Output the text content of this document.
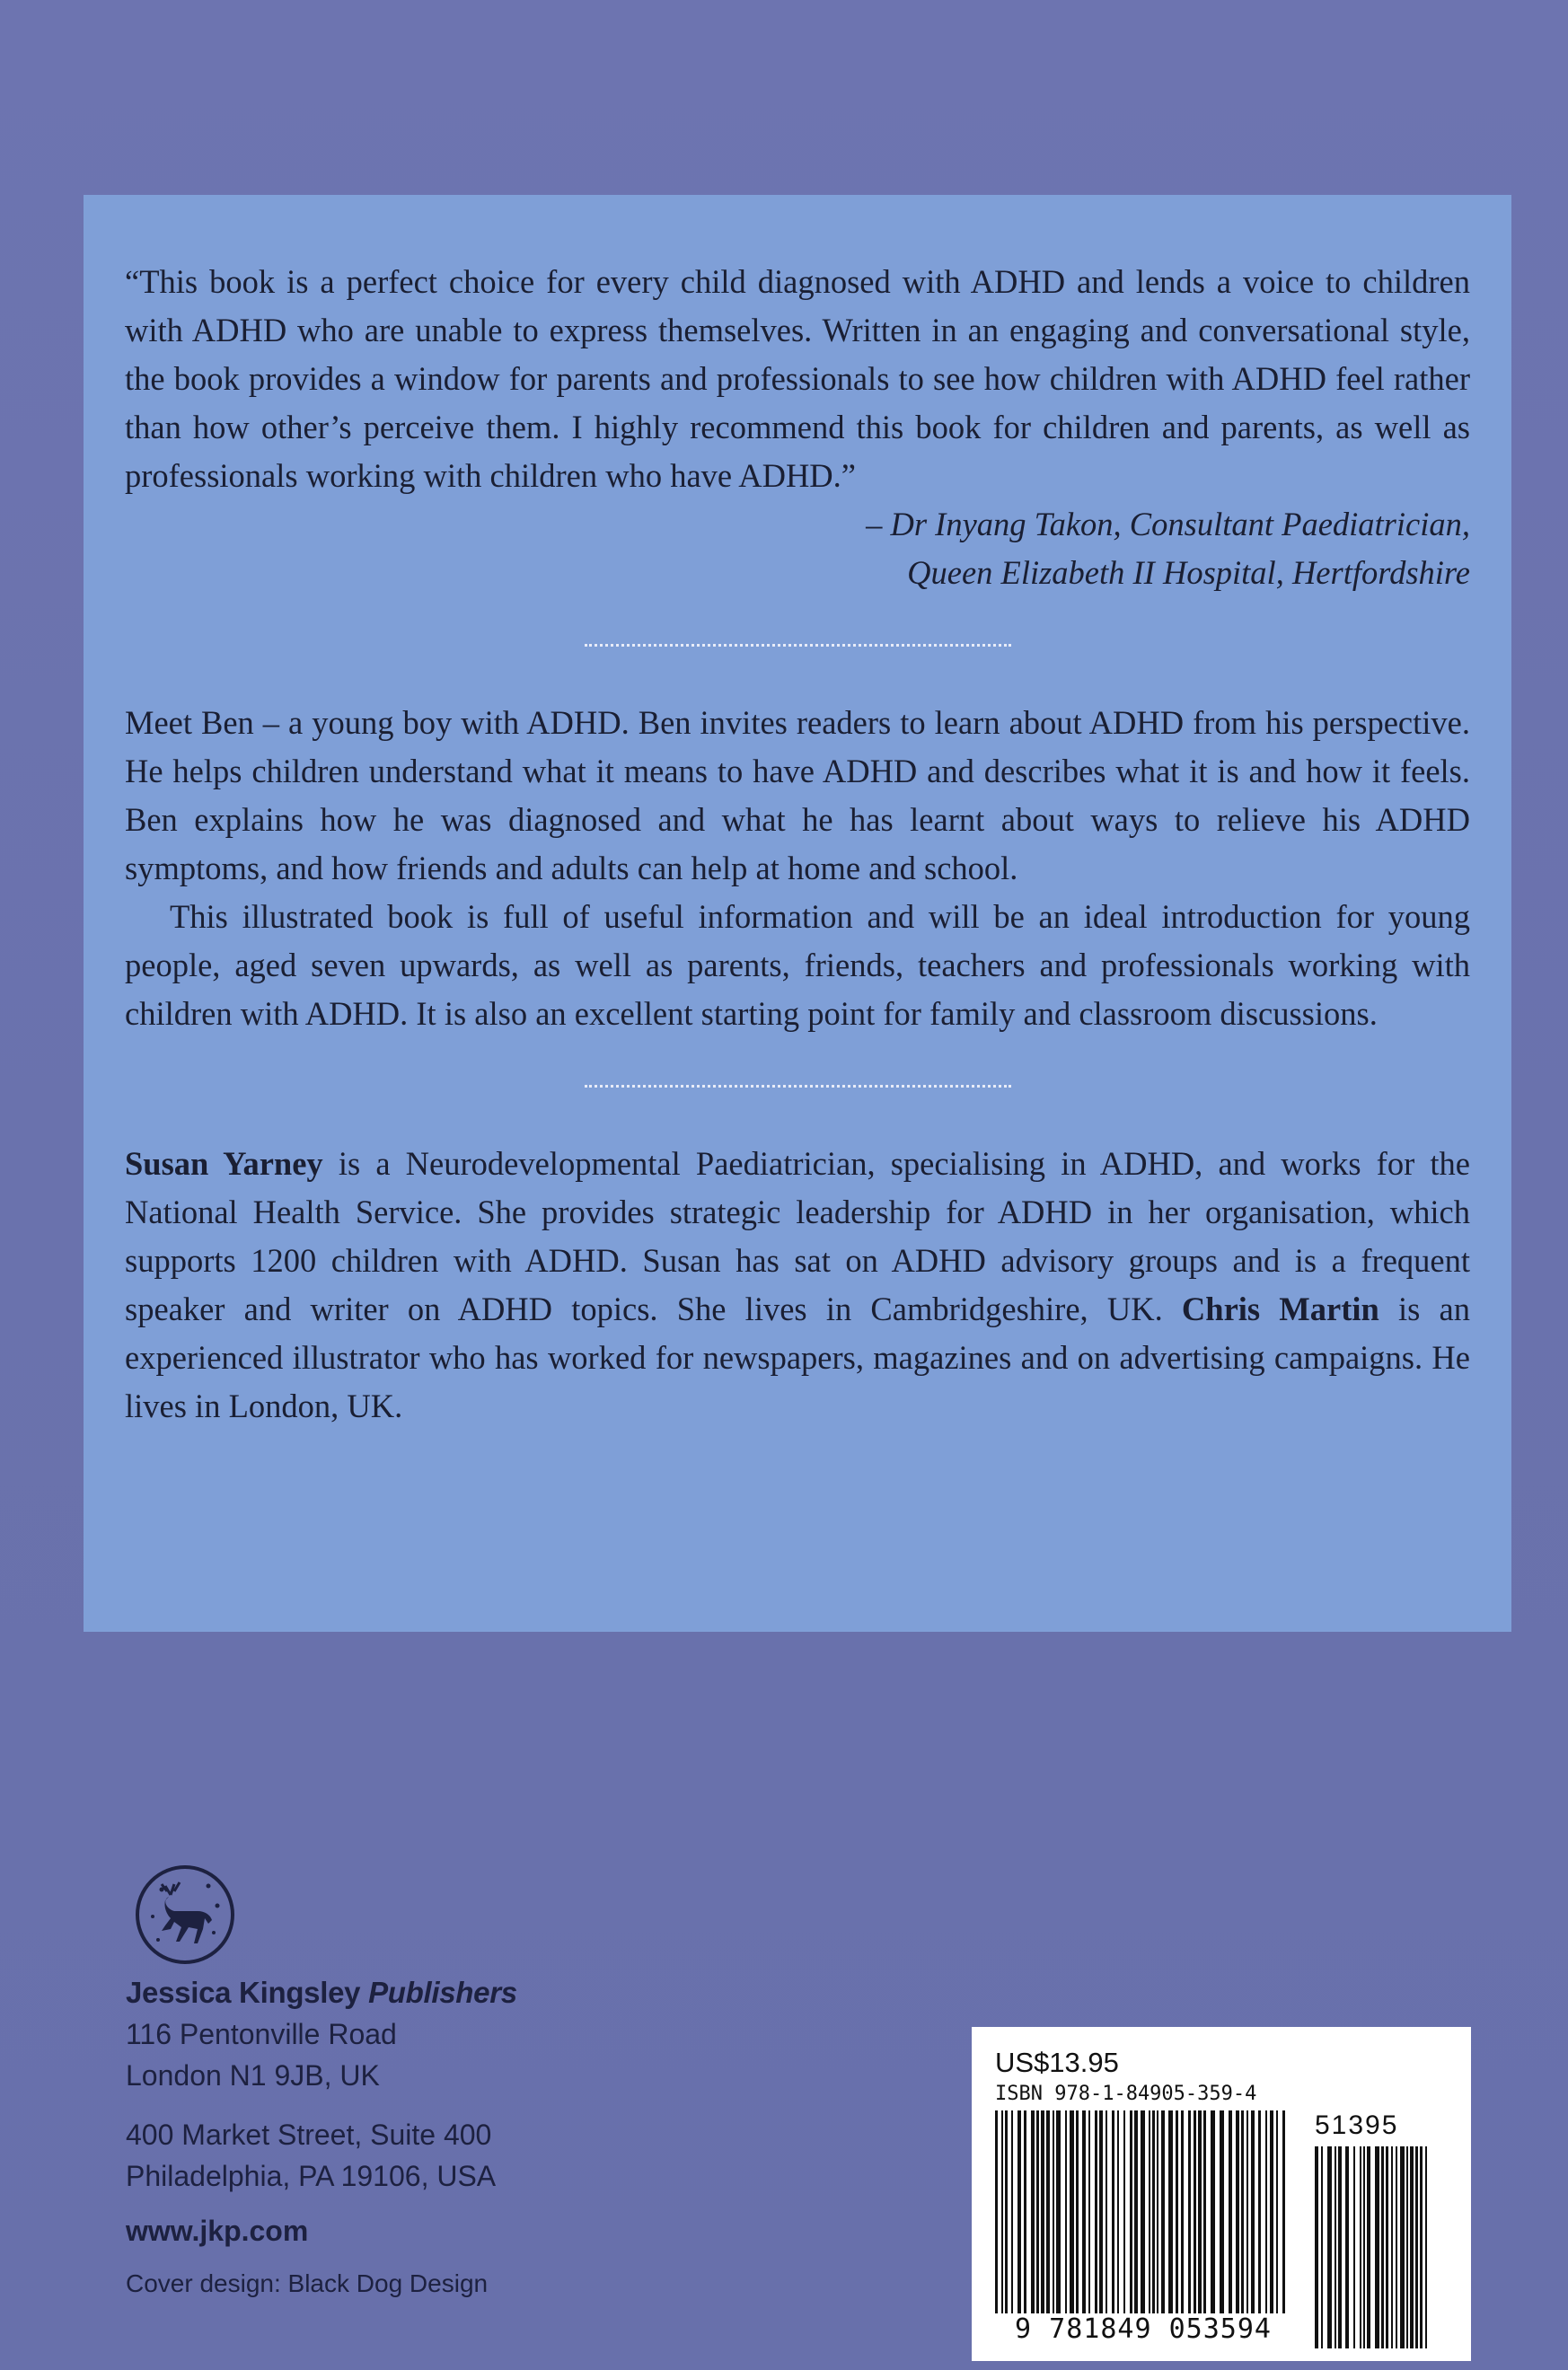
“This book is a perfect choice for every child diagnosed with ADHD and lends a voice to children with ADHD who are unable to express themselves. Written in an engaging and conversational style, the book provides a window for parents and professionals to see how children with ADHD feel rather than how other’s perceive them. I highly recommend this book for children and parents, as well as professionals working with children who have ADHD.”

– Dr Inyang Takon, Consultant Paediatrician,

Queen Elizabeth II Hospital, Hertfordshire

Meet Ben – a young boy with ADHD. Ben invites readers to learn about ADHD from his perspective. He helps children understand what it means to have ADHD and describes what it is and how it feels. Ben explains how he was diagnosed and what he has learnt about ways to relieve his ADHD symptoms, and how friends and adults can help at home and school.

This illustrated book is full of useful information and will be an ideal introduction for young people, aged seven upwards, as well as parents, friends, teachers and professionals working with children with ADHD. It is also an excellent starting point for family and classroom discussions.

Susan Yarney is a Neurodevelopmental Paediatrician, specialising in ADHD, and works for the National Health Service. She provides strategic leadership for ADHD in her organisation, which supports 1200 children with ADHD. Susan has sat on ADHD advisory groups and is a frequent speaker and writer on ADHD topics. She lives in Cambridgeshire, UK. Chris Martin is an experienced illustrator who has worked for newspapers, magazines and on advertising campaigns. He lives in London, UK.

Jessica Kingsley Publishers

116 Pentonville Road

London N1 9JB, UK

400 Market Street, Suite 400

Philadelphia, PA 19106, USA

www.jkp.com

Cover design: Black Dog Design

US$13.95

ISBN 978-1-84905-359-4

51395
9 781849 053594
